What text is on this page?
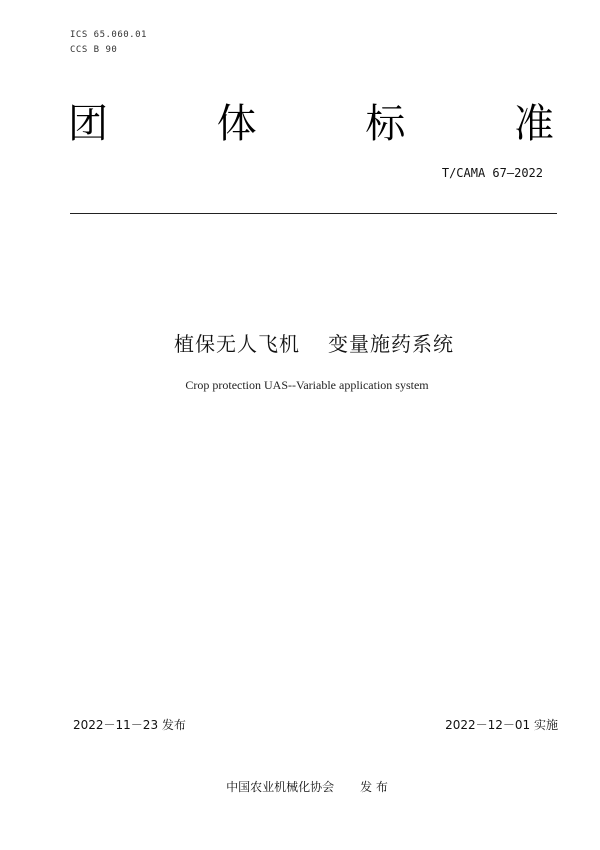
ICS 65.060.01
CCS B 90
团	体	标	准
T/CAMA 67—2022
植保无人飞机 变量施药系统
Crop protection UAS--Variable application system
2022－11－23 发布	2022－12－01 实施
中国农业机械化协会 发 布
